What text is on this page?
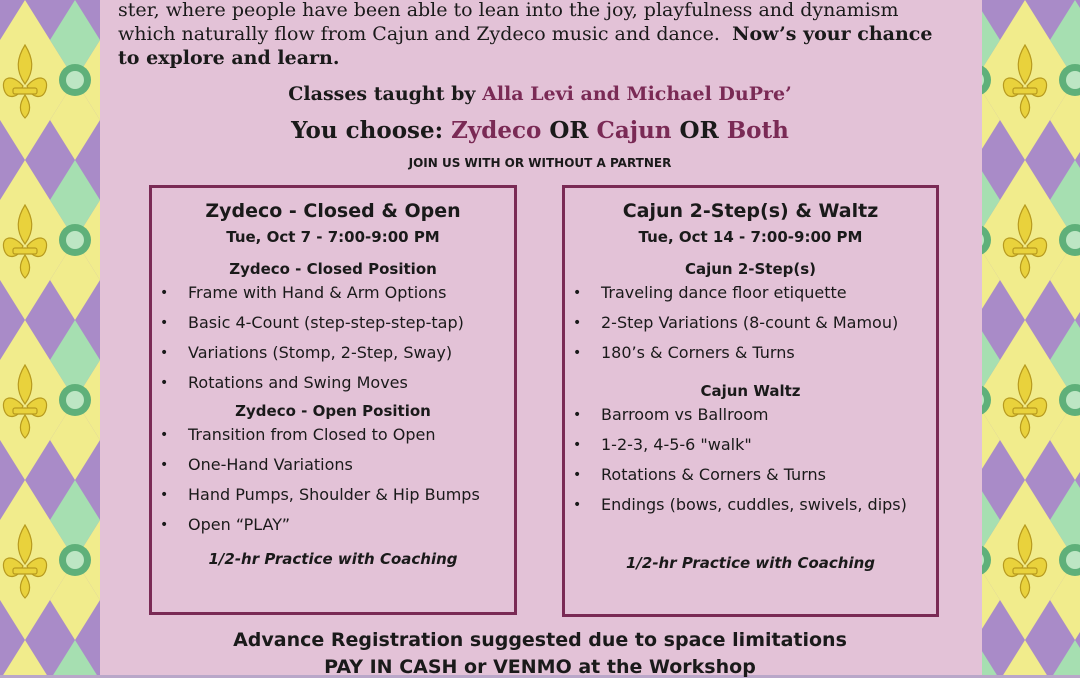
ster, where people have been able to lean into the joy, playfulness and dynamism
which naturally flow from Cajun and Zydeco music and dance. Now’s your chance
to explore and learn.
Classes taught by Alla Levi and Michael DuPre’
You choose: Zydeco OR Cajun OR Both
JOIN US WITH OR WITHOUT A PARTNER
Zydeco - Closed & Open
Tue, Oct 7 - 7:00-9:00 PM
Zydeco - Closed Position
• Frame with Hand & Arm Options
• Basic 4-Count (step-step-step-tap)
• Variations (Stomp, 2-Step, Sway)
• Rotations and Swing Moves
Zydeco - Open Position
• Transition from Closed to Open
• One-Hand Variations
• Hand Pumps, Shoulder & Hip Bumps
• Open “PLAY”
1/2-hr Practice with Coaching
Cajun 2-Step(s) & Waltz
Tue, Oct 14 - 7:00-9:00 PM
Cajun 2-Step(s)
• Traveling dance floor etiquette
• 2-Step Variations (8-count & Mamou)
• 180’s & Corners & Turns
Cajun Waltz
• Barroom vs Ballroom
• 1-2-3, 4-5-6 "walk"
• Rotations & Corners & Turns
• Endings (bows, cuddles, swivels, dips)
1/2-hr Practice with Coaching
Advance Registration suggested due to space limitations
PAY IN CASH or VENMO at the Workshop
